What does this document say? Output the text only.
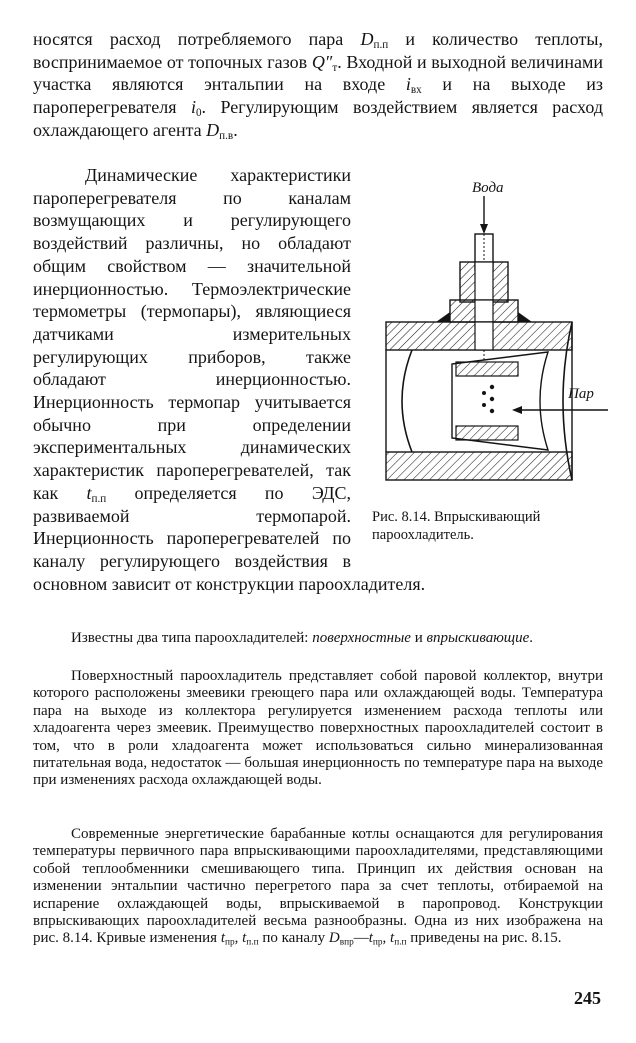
носятся расход потребляемого пара $D_{п.п}$ и количество теплоты, воспринимаемое от топочных газов $Q''_т$. Входной и выходной величинами участка являются энтальпии на входе $i_{вх}$ и на выходе из пароперегревателя $i_0$. Регулирующим воздействием является расход охлаждающего агента $D_{п.в}$.
Динамические характеристики пароперегревателя по каналам возмущающих и регулирующего воздействий различны, но обладают общим свойством — значительной инерционностью. Термоэлектрические термометры (термопары), являющиеся датчиками измерительных регулирующих приборов, также обладают инерционностью. Инерционность термопар учитывается обычно при определении экспериментальных динамических характеристик пароперегревателей, так как $t_{п.п}$ определяется по ЭДС, развиваемой термопарой. Инерционность пароперегревателей по каналу регулирующего воздействия в основном зависит от конструкции пароохладителя.
Вода
Пар
Рис. 8.14. Впрыскивающий пароохладитель.
Известны два типа пароохладителей: поверхностные и впрыскивающие.
Поверхностный пароохладитель представляет собой паровой коллектор, внутри которого расположены змеевики греющего пара или охлаждающей воды. Температура пара на выходе из коллектора регулируется изменением расхода теплоты или хладоагента через змеевик. Преимущество поверхностных пароохладителей состоит в том, что в роли хладоагента может использоваться сильно минерализованная питательная вода, недостаток — большая инерционность по температуре пара на выходе при изменениях расхода охлаждающей воды.
Современные энергетические барабанные котлы оснащаются для регулирования температуры первичного пара впрыскивающими пароохладителями, представляющими собой теплообменники смешивающего типа. Принцип их действия основан на изменении энтальпии частично перегретого пара за счет теплоты, отбираемой на испарение охлаждающей воды, впрыскиваемой в паропровод. Конструкции впрыскивающих пароохладителей весьма разнообразны. Одна из них изображена на рис. 8.14. Кривые изменения $t_{пр}$, $t_{п.п}$ по каналу $D_{впр}—t_{пр}$, $t_{п.п}$ приведены на рис. 8.15.
245
